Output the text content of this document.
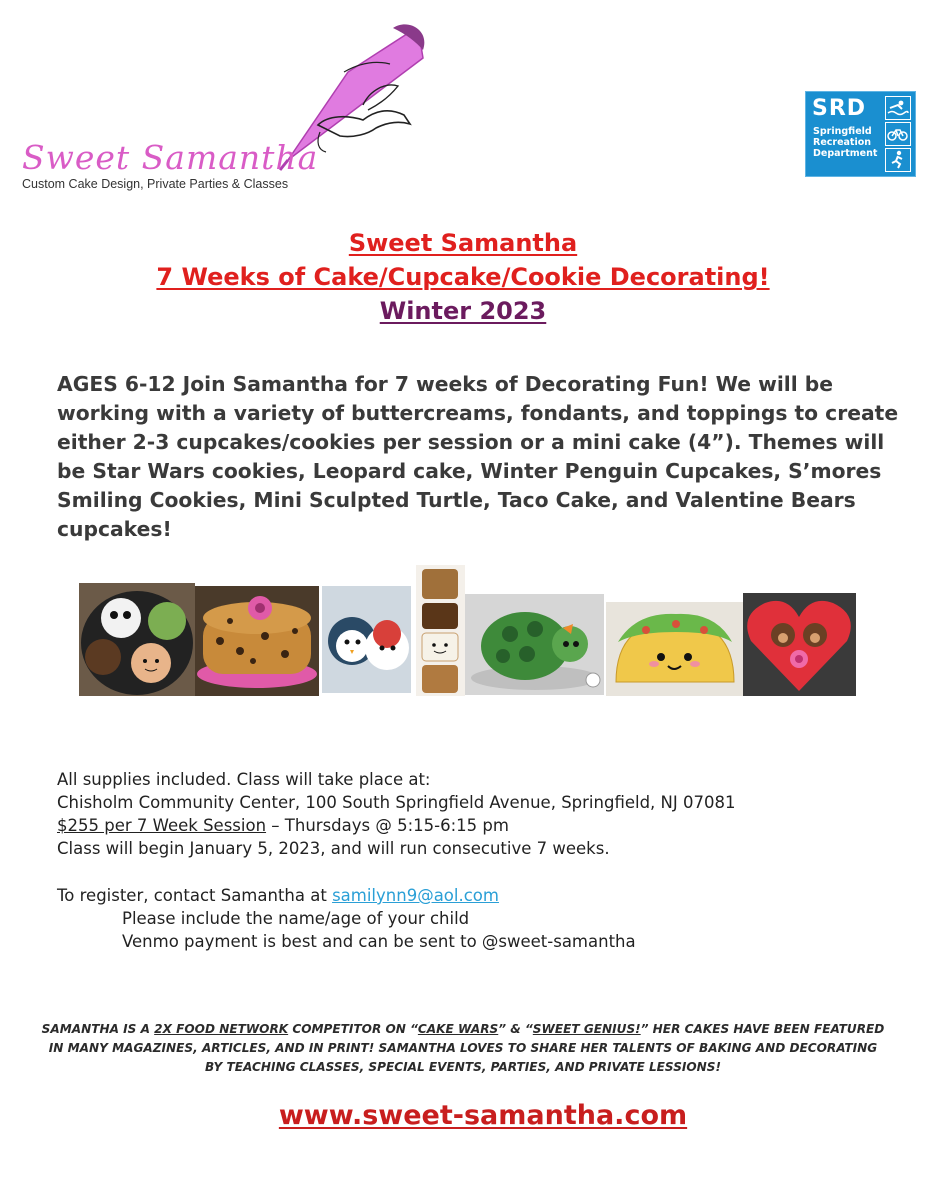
Sweet Samantha
Custom Cake Design, Private Parties & Classes
SRD
Springfield
Recreation
Department
Sweet Samantha
7 Weeks of Cake/Cupcake/Cookie Decorating!
Winter 2023
AGES 6-12 Join Samantha for 7 weeks of Decorating Fun! We will be working with a variety of buttercreams, fondants, and toppings to create either 2-3 cupcakes/cookies per session or a mini cake (4”). Themes will be Star Wars cookies, Leopard cake, Winter Penguin Cupcakes, S’mores Smiling Cookies, Mini Sculpted Turtle, Taco Cake, and Valentine Bears cupcakes!
All supplies included. Class will take place at:
Chisholm Community Center, 100 South Springfield Avenue, Springfield, NJ 07081
$255 per 7 Week Session – Thursdays @ 5:15-6:15 pm
Class will begin January 5, 2023, and will run consecutive 7 weeks.
To register, contact Samantha at samilynn9@aol.com
Please include the name/age of your child
Venmo payment is best and can be sent to @sweet-samantha
SAMANTHA IS A 2X FOOD NETWORK COMPETITOR ON “CAKE WARS” & “SWEET GENIUS!” HER CAKES HAVE BEEN FEATURED IN MANY MAGAZINES, ARTICLES, AND IN PRINT! SAMANTHA LOVES TO SHARE HER TALENTS OF BAKING AND DECORATING BY TEACHING CLASSES, SPECIAL EVENTS, PARTIES, AND PRIVATE LESSIONS!
www.sweet-samantha.com
